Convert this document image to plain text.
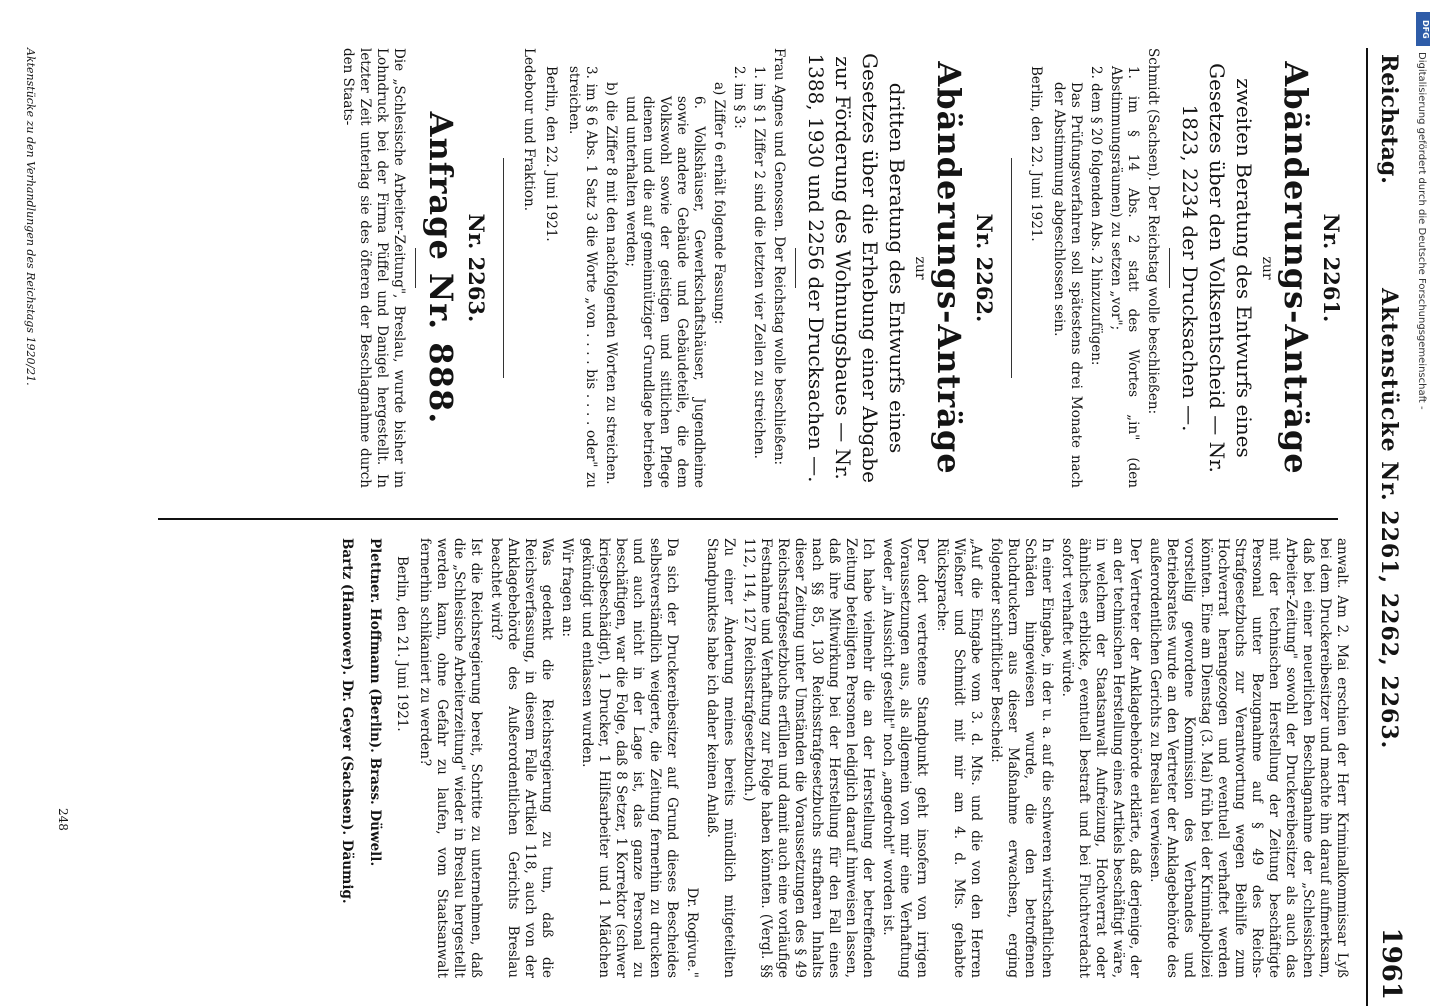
Reichstag.
Aktenstücke Nr. 2261, 2262, 2263.
1961
Nr. 2261.
Abänderungs-Anträge
zur
zweiten Beratung des Entwurfs eines Gesetzes über den Volksentscheid — Nr. 1823, 2234 der Drucksachen —.
Schmidt (Sachsen). Der Reichstag wolle beschließen:
1. im § 14 Abs. 2 statt des Wortes „in" (den Abstimmungsräumen) zu setzen „vor";
2. dem § 20 folgenden Abs. 2 hinzuzufügen:
Das Prüfungsverfahren soll spätestens drei Monate nach der Abstimmung abgeschlossen sein.
Berlin, den 22. Juni 1921.
Nr. 2262.
Abänderungs-Anträge
zur
dritten Beratung des Entwurfs eines Gesetzes über die Erhebung einer Abgabe zur Förderung des Wohnungsbaues — Nr. 1388, 1930 und 2256 der Drucksachen —.
Frau Agnes und Genossen. Der Reichstag wolle beschließen:
1. im § 1 Ziffer 2 sind die letzten vier Zeilen zu streichen.
2. im § 3:
a) Ziffer 6 erhält folgende Fassung:
6. Volkshäuser, Gewerkschaftshäuser, Jugendheime sowie andere Gebäude und Gebäudeteile, die dem Volkswohl sowie der geistigen und sittlichen Pflege dienen und die auf gemeinnütziger Grundlage betrieben und unterhalten werden;
b) die Ziffer 8 mit den nachfolgenden Worten zu streichen.
3. im § 6 Abs. 1 Satz 3 die Worte „von . . . . bis . . . . oder" zu streichen.
Berlin, den 22. Juni 1921.
Ledebour und Fraktion.
Nr. 2263.
Anfrage Nr. 888.
Die „Schlesische Arbeiter-Zeitung", Breslau, wurde bisher im Lohndruck bei der Firma Püffel und Danigel hergestellt. In letzter Zeit unterlag sie des öfteren der Beschlagnahme durch den Staats-
anwalt. Am 2. Mai erschien der Herr Kriminalkommissar Lyß bei dem Druckereibesitzer und machte ihn darauf aufmerksam, daß bei einer neuerlichen Beschlagnahme der „Schlesischen Arbeiter-Zeitung" sowohl der Druckereibesitzer als auch das mit der technischen Herstellung der Zeitung beschäftigte Personal unter Bezugnahme auf § 49 des Reichs-Strafgesetzbuchs zur Verantwortung wegen Beihilfe zum Hochverrat herangezogen und eventuell verhaftet werden könnten. Eine am Dienstag (3. Mai) früh bei der Kriminalpolizei vorstellig gewordene Kommission des Verbandes und Betriebsrates wurde an den Vertreter der Anklagebehörde des außerordentlichen Gerichts zu Breslau verwiesen.
Der Vertreter der Anklagebehörde erklärte, daß derjenige, der an der technischen Herstellung eines Artikels beschäftigt wäre, in welchem der Staatsanwalt Aufreizung, Hochverrat oder ähnliches erblicke, eventuell bestraft und bei Fluchtverdacht sofort verhaftet würde.
In einer Eingabe, in der u. a. auf die schweren wirtschaftlichen Schäden hingewiesen wurde, die den betroffenen Buchdruckern aus dieser Maßnahme erwachsen, erging folgender schriftlicher Bescheid:
„Auf die Eingabe vom 3. d. Mts. und die von den Herren Wießner und Schmidt mit mir am 4. d. Mts. gehabte Rücksprache:
Der dort vertretene Standpunkt geht insofern von irrigen Voraussetzungen aus, als allgemein von mir eine Verhaftung weder „in Aussicht gestellt" noch „angedroht" worden ist.
Ich habe vielmehr die an der Herstellung der betreffenden Zeitung beteiligten Personen lediglich darauf hinweisen lassen, daß ihre Mitwirkung bei der Herstellung für den Fall eines nach §§ 85, 130 Reichsstrafgesetzbuchs strafbaren Inhalts dieser Zeitung unter Umständen die Voraussetzungen des § 49 Reichsstrafgesetzbuchs erfüllen und damit auch eine vorläufige Festnahme und Verhaftung zur Folge haben könnten. (Vergl. §§ 112, 114, 127 Reichsstrafgesetzbuch.)
Zu einer Änderung meines bereits mündlich mitgeteilten Standpunktes habe ich daher keinen Anlaß.
Dr. Rogivue."
Da sich der Druckereibesitzer auf Grund dieses Bescheides selbstverständlich weigerte, die Zeitung fernerhin zu drucken und auch nicht in der Lage ist, das ganze Personal zu beschäftigen, war die Folge, daß 8 Setzer, 1 Korrektor (schwer kriegsbeschädigt), 1 Drucker, 1 Hilfsarbeiter und 1 Mädchen gekündigt und entlassen wurden.
Wir fragen an:
Was gedenkt die Reichsregierung zu tun, daß die Reichsverfassung, in diesem Falle Artikel 118, auch von der Anklagebehörde des Außerordentlichen Gerichts Breslau beachtet wird?
Ist die Reichsregierung bereit, Schritte zu unternehmen, daß die „Schlesische Arbeiterzeitung" wieder in Breslau hergestellt werden kann, ohne Gefahr zu laufen, vom Staatsanwalt fernerhin schikaniert zu werden?
Berlin, den 21. Juni 1921.
Plettner. Hoffmann (Berlin). Brass. Düwell.
Bartz (Hannover). Dr. Geyer (Sachsen). Däumig.
Aktenstücke zu den Verhandlungen des Reichstags 1920/21.
248
DFG
Digitalisierung gefördert durch die Deutsche Forschungsgemeinschaft -
